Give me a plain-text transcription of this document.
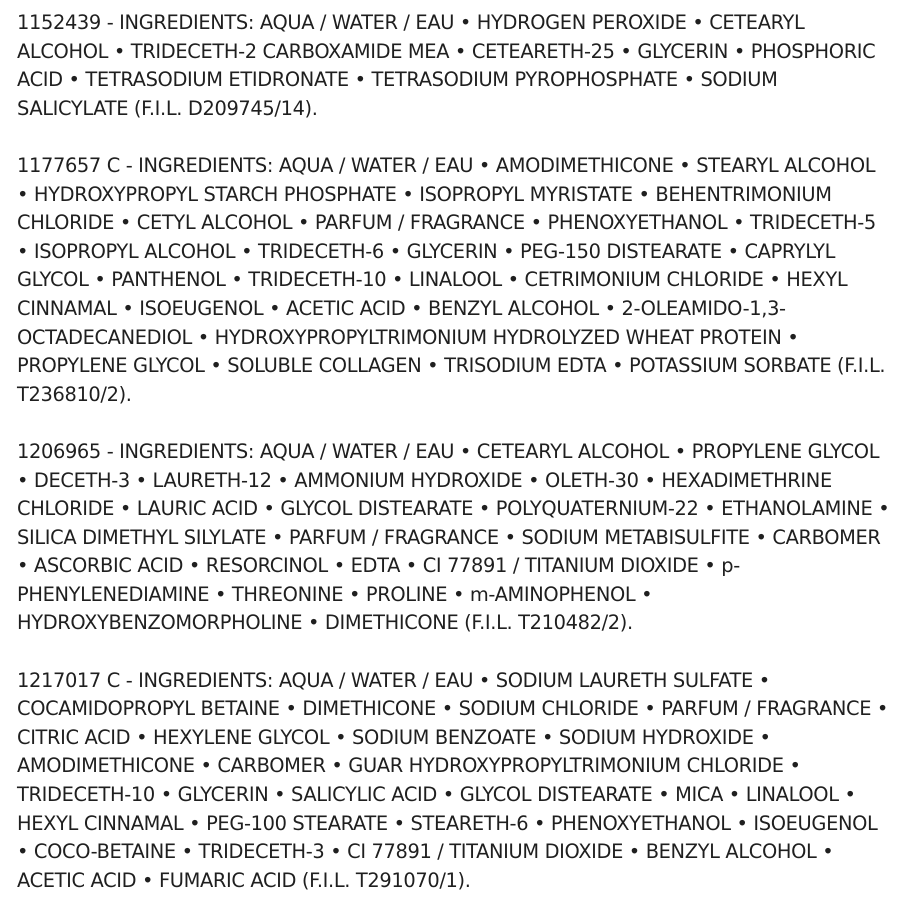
1152439 - INGREDIENTS: AQUA / WATER / EAU • HYDROGEN PEROXIDE • CETEARYL ALCOHOL • TRIDECETH-2 CARBOXAMIDE MEA • CETEARETH-25 • GLYCERIN • PHOSPHORIC ACID • TETRASODIUM ETIDRONATE • TETRASODIUM PYROPHOSPHATE • SODIUM SALICYLATE (F.I.L. D209745/14).

1177657 C - INGREDIENTS: AQUA / WATER / EAU • AMODIMETHICONE • STEARYL ALCOHOL • HYDROXYPROPYL STARCH PHOSPHATE • ISOPROPYL MYRISTATE • BEHENTRIMONIUM CHLORIDE • CETYL ALCOHOL • PARFUM / FRAGRANCE • PHENOXYETHANOL • TRIDECETH-5 • ISOPROPYL ALCOHOL • TRIDECETH-6 • GLYCERIN • PEG-150 DISTEARATE • CAPRYLYL GLYCOL • PANTHENOL • TRIDECETH-10 • LINALOOL • CETRIMONIUM CHLORIDE • HEXYL CINNAMAL • ISOEUGENOL • ACETIC ACID • BENZYL ALCOHOL • 2-OLEAMIDO-1,3-OCTADECANEDIOL • HYDROXYPROPYLTRIMONIUM HYDROLYZED WHEAT PROTEIN • PROPYLENE GLYCOL • SOLUBLE COLLAGEN • TRISODIUM EDTA • POTASSIUM SORBATE (F.I.L. T236810/2).

1206965 - INGREDIENTS: AQUA / WATER / EAU • CETEARYL ALCOHOL • PROPYLENE GLYCOL • DECETH-3 • LAURETH-12 • AMMONIUM HYDROXIDE • OLETH-30 • HEXADIMETHRINE CHLORIDE • LAURIC ACID • GLYCOL DISTEARATE • POLYQUATERNIUM-22 • ETHANOLAMINE • SILICA DIMETHYL SILYLATE • PARFUM / FRAGRANCE • SODIUM METABISULFITE • CARBOMER • ASCORBIC ACID • RESORCINOL • EDTA • CI 77891 / TITANIUM DIOXIDE • p-PHENYLENEDIAMINE • THREONINE • PROLINE • m-AMINOPHENOL • HYDROXYBENZOMORPHOLINE • DIMETHICONE (F.I.L. T210482/2).

1217017 C - INGREDIENTS: AQUA / WATER / EAU • SODIUM LAURETH SULFATE • COCAMIDOPROPYL BETAINE • DIMETHICONE • SODIUM CHLORIDE • PARFUM / FRAGRANCE • CITRIC ACID • HEXYLENE GLYCOL • SODIUM BENZOATE • SODIUM HYDROXIDE • AMODIMETHICONE • CARBOMER • GUAR HYDROXYPROPYLTRIMONIUM CHLORIDE • TRIDECETH-10 • GLYCERIN • SALICYLIC ACID • GLYCOL DISTEARATE • MICA • LINALOOL • HEXYL CINNAMAL • PEG-100 STEARATE • STEARETH-6 • PHENOXYETHANOL • ISOEUGENOL • COCO-BETAINE • TRIDECETH-3 • CI 77891 / TITANIUM DIOXIDE • BENZYL ALCOHOL • ACETIC ACID • FUMARIC ACID (F.I.L. T291070/1).
